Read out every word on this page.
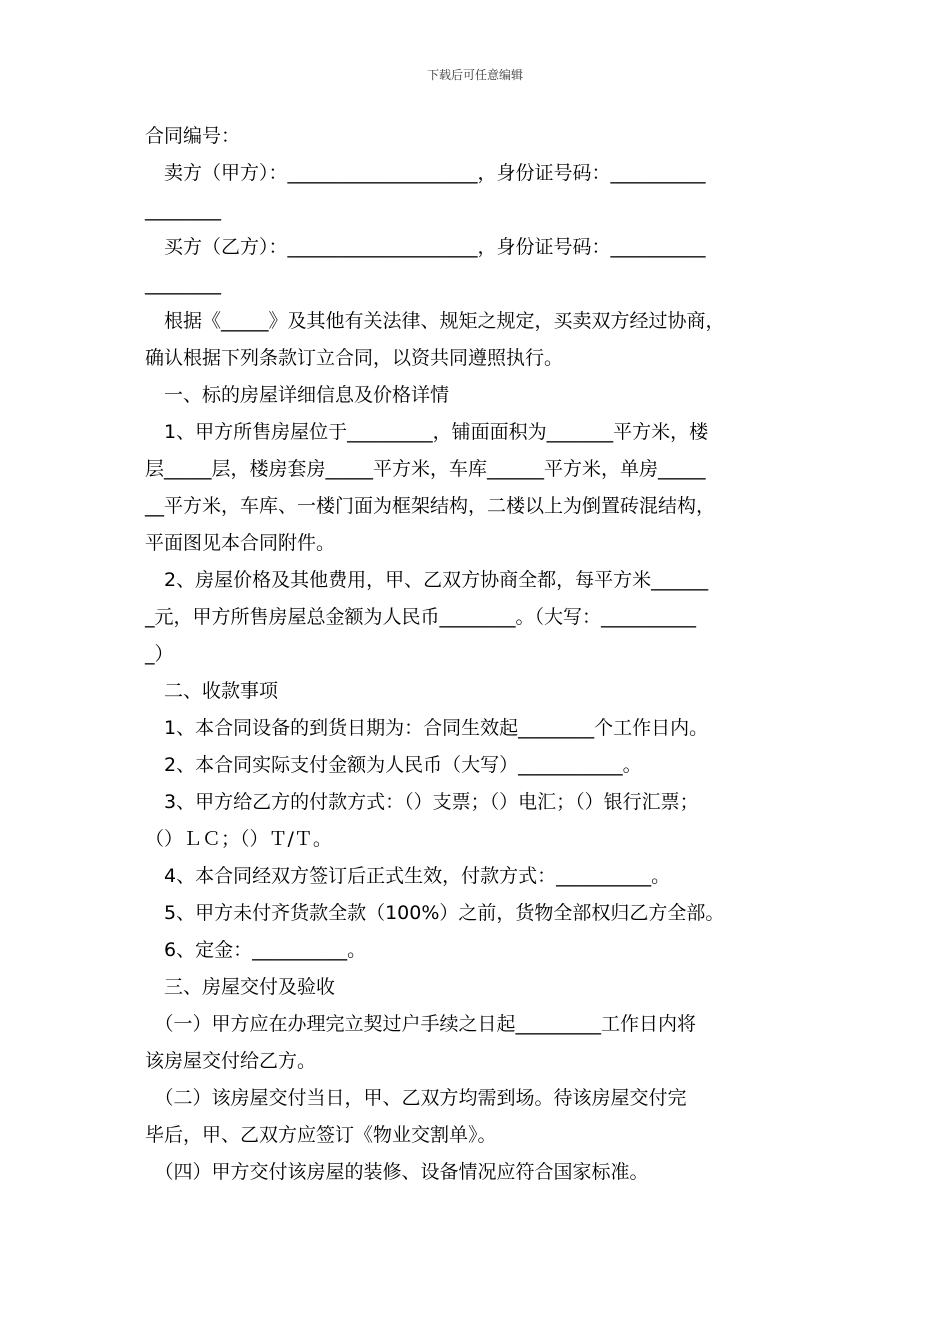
下载后可任意编辑
合同编号：
　卖方（甲方）：____________________，身份证号码：__________
________
　买方（乙方）：____________________，身份证号码：__________
________
　根据《_____》及其他有关法律、规矩之规定，买卖双方经过协商，
确认根据下列条款订立合同，以资共同遵照执行。
　一、标的房屋详细信息及价格详情
　1、甲方所售房屋位于_________，铺面面积为_______平方米，楼
层_____层，楼房套房_____平方米，车库______平方米，单房_____
__平方米，车库、一楼门面为框架结构，二楼以上为倒置砖混结构，
平面图见本合同附件。
　2、房屋价格及其他费用，甲、乙双方协商全都，每平方米______
_元，甲方所售房屋总金额为人民币________。（大写：__________
_）
　二、收款事项
　1、本合同设备的到货日期为：合同生效起________个工作日内。
　2、本合同实际支付金额为人民币（大写）___________。
　3、甲方给乙方的付款方式：（）支票；（）电汇；（）银行汇票；
（）ＬＣ；（）Ｔ/Ｔ。
　4、本合同经双方签订后正式生效，付款方式：__________。
　5、甲方未付齐货款全款（100%）之前，货物全部权归乙方全部。
　6、定金：__________。
　三、房屋交付及验收
　（一）甲方应在办理完立契过户手续之日起_________工作日内将
该房屋交付给乙方。
　（二）该房屋交付当日，甲、乙双方均需到场。待该房屋交付完
毕后，甲、乙双方应签订《物业交割单》。
　（四）甲方交付该房屋的装修、设备情况应符合国家标准。
